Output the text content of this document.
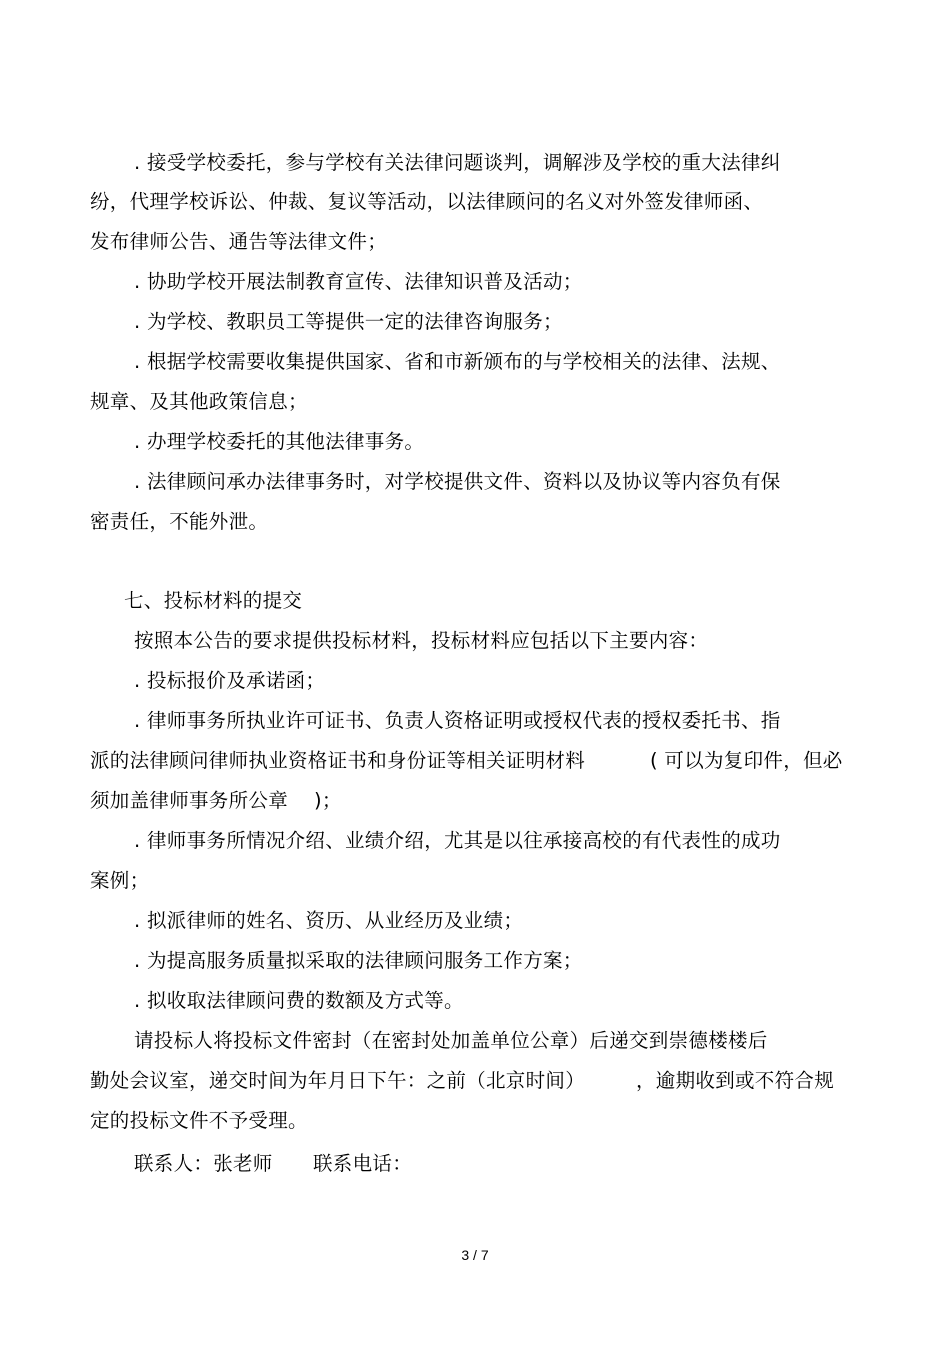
. 接受学校委托，参与学校有关法律问题谈判，调解涉及学校的重大法律纠
纷，代理学校诉讼、仲裁、复议等活动，以法律顾问的名义对外签发律师函、
发布律师公告、通告等法律文件；
. 协助学校开展法制教育宣传、法律知识普及活动；
. 为学校、教职员工等提供一定的法律咨询服务；
. 根据学校需要收集提供国家、省和市新颁布的与学校相关的法律、法规、
规章、及其他政策信息；
. 办理学校委托的其他法律事务。
. 法律顾问承办法律事务时，对学校提供文件、资料以及协议等内容负有保
密责任，不能外泄。
七、投标材料的提交
按照本公告的要求提供投标材料，投标材料应包括以下主要内容：
. 投标报价及承诺函；
. 律师事务所执业许可证书、负责人资格证明或授权代表的授权委托书、指
派的法律顾问律师执业资格证书和身份证等相关证明材料	( 可以为复印件，但必
须加盖律师事务所公章 )；
. 律师事务所情况介绍、业绩介绍，尤其是以往承接高校的有代表性的成功
案例；
. 拟派律师的姓名、资历、从业经历及业绩；
. 为提高服务质量拟采取的法律顾问服务工作方案；
. 拟收取法律顾问费的数额及方式等。
请投标人将投标文件密封（在密封处加盖单位公章）后递交到崇德楼楼后
勤处会议室，递交时间为年月日下午：之前（北京时间）	，逾期收到或不符合规
定的投标文件不予受理。
联系人：张老师 联系电话：
3 / 7
